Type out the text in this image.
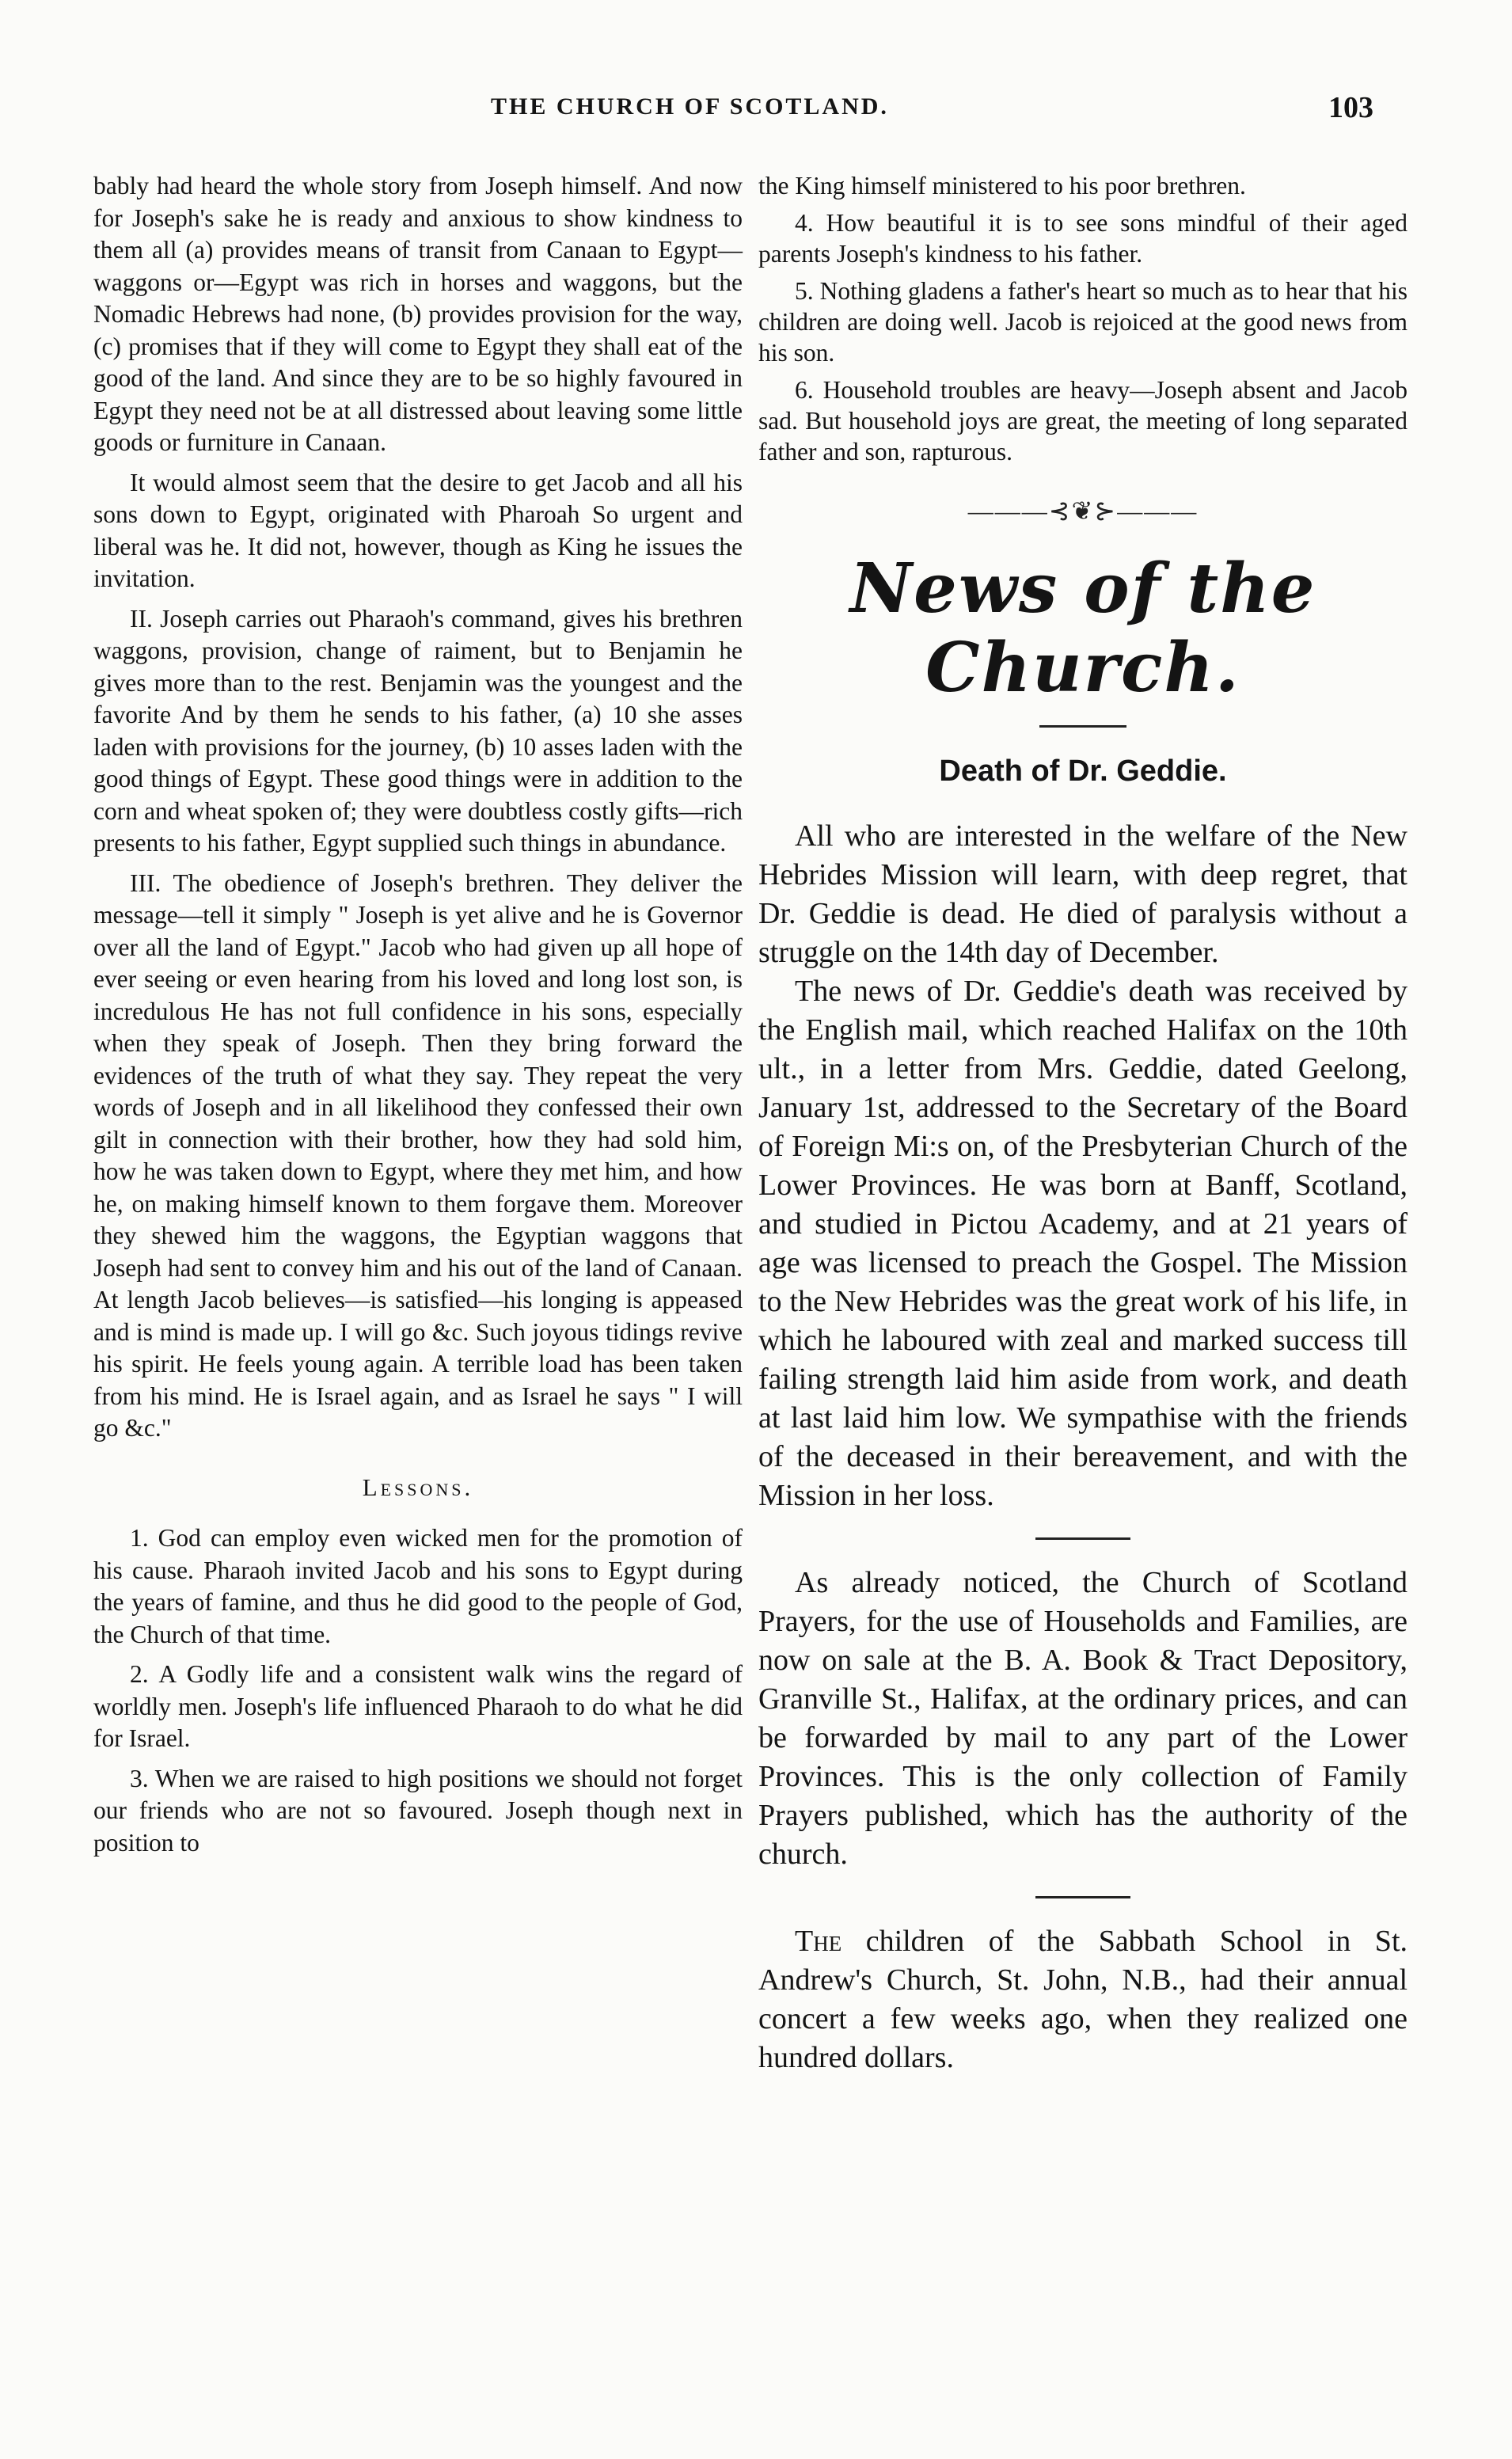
THE CHURCH OF SCOTLAND.	103

bably had heard the whole story from Joseph himself. And now for Joseph's sake he is ready and anxious to show kindness to them all (a) provides means of transit from Canaan to Egypt—waggons or—Egypt was rich in horses and waggons, but the Nomadic Hebrews had none, (b) provides provision for the way, (c) promises that if they will come to Egypt they shall eat of the good of the land. And since they are to be so highly favoured in Egypt they need not be at all distressed about leaving some little goods or furniture in Canaan.

It would almost seem that the desire to get Jacob and all his sons down to Egypt, originated with Pharoah So urgent and liberal was he. It did not, however, though as King he issues the invitation.

II. Joseph carries out Pharaoh's command, gives his brethren waggons, provision, change of raiment, but to Benjamin he gives more than to the rest. Benjamin was the youngest and the favorite And by them he sends to his father, (a) 10 she asses laden with provisions for the journey, (b) 10 asses laden with the good things of Egypt. These good things were in addition to the corn and wheat spoken of; they were doubtless costly gifts—rich presents to his father, Egypt supplied such things in abundance.

III. The obedience of Joseph's brethren. They deliver the message—tell it simply " Joseph is yet alive and he is Governor over all the land of Egypt." Jacob who had given up all hope of ever seeing or even hearing from his loved and long lost son, is incredulous He has not full confidence in his sons, especially when they speak of Joseph. Then they bring forward the evidences of the truth of what they say. They repeat the very words of Joseph and in all likelihood they confessed their own gilt in connection with their brother, how they had sold him, how he was taken down to Egypt, where they met him, and how he, on making himself known to them forgave them. Moreover they shewed him the waggons, the Egyptian waggons that Joseph had sent to convey him and his out of the land of Canaan. At length Jacob believes—is satisfied—his longing is appeased and is mind is made up. I will go &c. Such joyous tidings revive his spirit. He feels young again. A terrible load has been taken from his mind. He is Israel again, and as Israel he says " I will go &c."

Lessons.

1. God can employ even wicked men for the promotion of his cause. Pharaoh invited Jacob and his sons to Egypt during the years of famine, and thus he did good to the people of God, the Church of that time.

2. A Godly life and a consistent walk wins the regard of worldly men. Joseph's life influenced Pharaoh to do what he did for Israel.

3. When we are raised to high positions we should not forget our friends who are not so favoured. Joseph though next in position to

the King himself ministered to his poor brethren.

4. How beautiful it is to see sons mindful of their aged parents Joseph's kindness to his father.

5. Nothing gladens a father's heart so much as to hear that his children are doing well. Jacob is rejoiced at the good news from his son.

6. Household troubles are heavy—Joseph absent and Jacob sad. But household joys are great, the meeting of long separated father and son, rapturous.

———⊰❦⊱———
News of the Church.
Death of Dr. Geddie.

All who are interested in the welfare of the New Hebrides Mission will learn, with deep regret, that Dr. Geddie is dead. He died of paralysis without a struggle on the 14th day of December.

The news of Dr. Geddie's death was received by the English mail, which reached Halifax on the 10th ult., in a letter from Mrs. Geddie, dated Geelong, January 1st, addressed to the Secretary of the Board of Foreign Mi:s on, of the Presbyterian Church of the Lower Provinces. He was born at Banff, Scotland, and studied in Pictou Academy, and at 21 years of age was licensed to preach the Gospel. The Mission to the New Hebrides was the great work of his life, in which he laboured with zeal and marked success till failing strength laid him aside from work, and death at last laid him low. We sympathise with the friends of the deceased in their bereavement, and with the Mission in her loss.

As already noticed, the Church of Scotland Prayers, for the use of Households and Families, are now on sale at the B. A. Book & Tract Depository, Granville St., Halifax, at the ordinary prices, and can be forwarded by mail to any part of the Lower Provinces. This is the only collection of Family Prayers published, which has the authority of the church.

The children of the Sabbath School in St. Andrew's Church, St. John, N.B., had their annual concert a few weeks ago, when they realized one hundred dollars.
